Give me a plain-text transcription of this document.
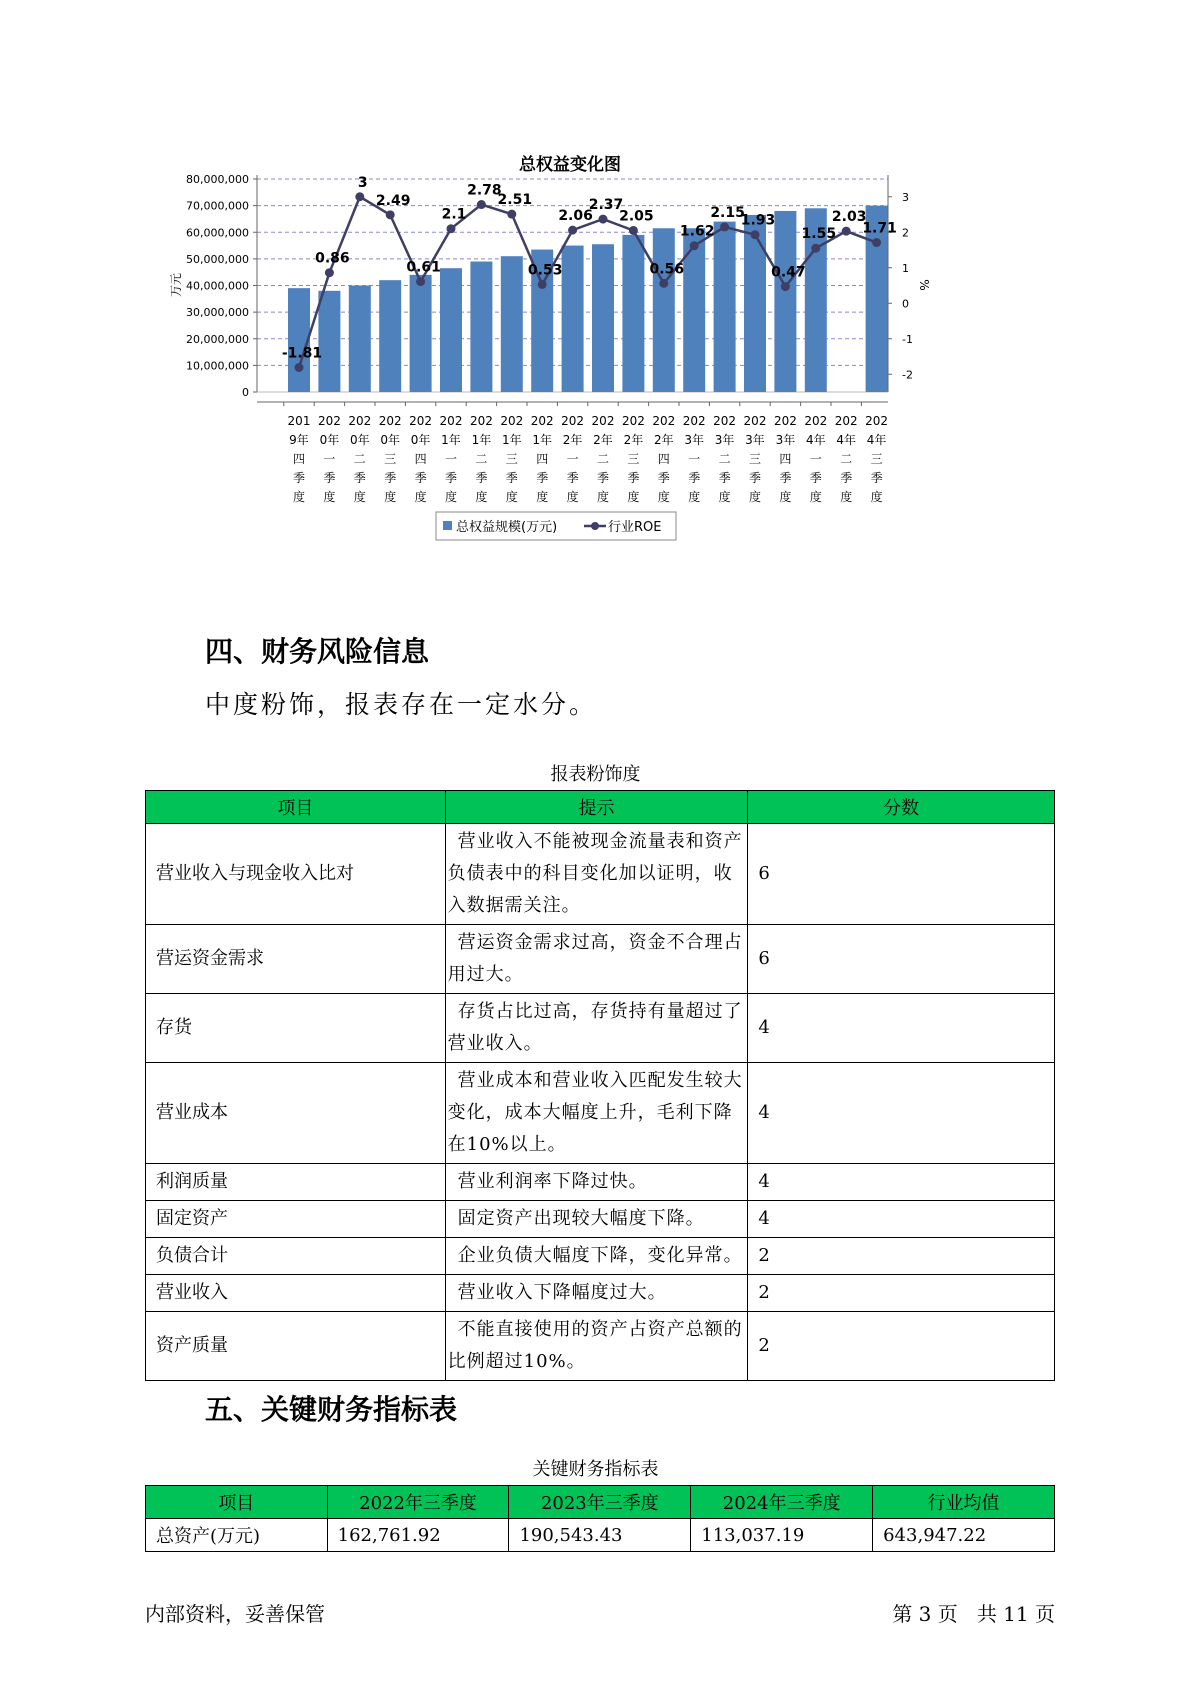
总权益变化图
80,000,000
70,000,000
60,000,000
50,000,000
40,000,000
30,000,000
20,000,000
10,000,000
0
3
2
1
0
-1
-2
万元	%
-1.81
0.86
3
2.49
0.61
2.1
2.78
2.51
0.53
2.06
2.37
2.05
0.56
1.62
2.15
1.93
0.47
1.55
2.03
1.71
201
9年
四
季
度
202
0年
一
季
度
202
0年
二
季
度
202
0年
三
季
度
202
0年
四
季
度
202
1年
一
季
度
202
1年
二
季
度
202
1年
三
季
度
202
1年
四
季
度
202
2年
一
季
度
202
2年
二
季
度
202
2年
三
季
度
202
2年
四
季
度
202
3年
一
季
度
202
3年
二
季
度
202
3年
三
季
度
202
3年
四
季
度
202
4年
一
季
度
202
4年
二
季
度
202
4年
三
季
度
总权益规模(万元)	行业ROE
四、财务风险信息
中度粉饰，报表存在一定水分。
报表粉饰度
项目	提示	分数
营业收入与现金收入比对	营业收入不能被现金流量表和资产负债表中的科目变化加以证明，收入数据需关注。	6
营运资金需求	营运资金需求过高，资金不合理占用过大。	6
存货	存货占比过高，存货持有量超过了营业收入。	4
营业成本	营业成本和营业收入匹配发生较大变化，成本大幅度上升，毛利下降在10%以上。	4
利润质量	营业利润率下降过快。	4
固定资产	固定资产出现较大幅度下降。	4
负债合计	企业负债大幅度下降，变化异常。	2
营业收入	营业收入下降幅度过大。	2
资产质量	不能直接使用的资产占资产总额的比例超过10%。	2
五、关键财务指标表
关键财务指标表
项目	2022年三季度	2023年三季度	2024年三季度	行业均值
总资产(万元)	162,761.92	190,543.43	113,037.19	643,947.22
内部资料，妥善保管	第 3 页   共 11 页
